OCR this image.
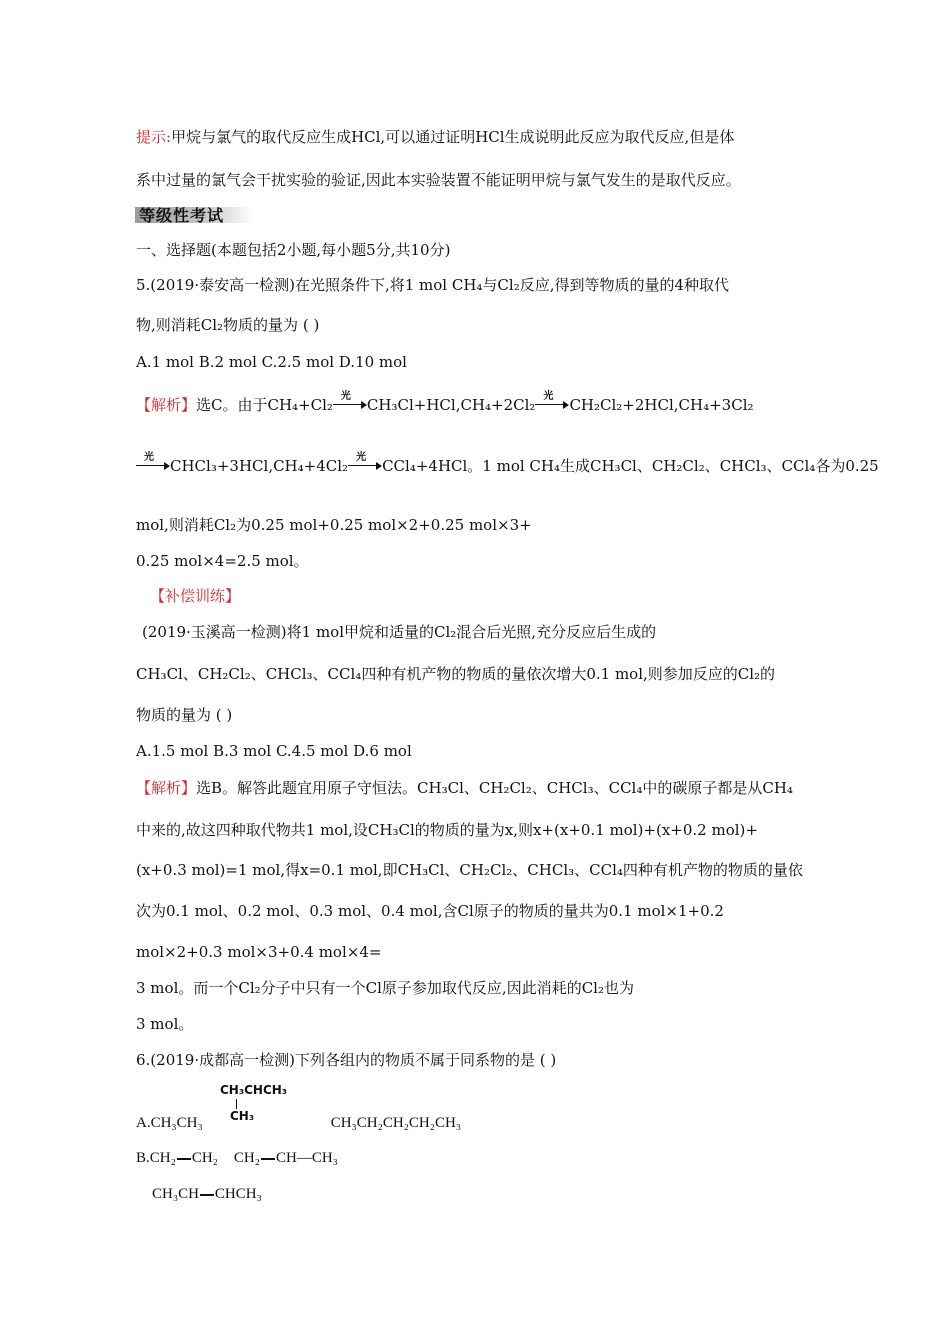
提示:甲烷与氯气的取代反应生成HCl,可以通过证明HCl生成说明此反应为取代反应,但是体
系中过量的氯气会干扰实验的验证,因此本实验装置不能证明甲烷与氯气发生的是取代反应。
等级性考试
一、选择题(本题包括2小题,每小题5分,共10分)
5.(2019·泰安高一检测)在光照条件下,将1 mol CH₄与Cl₂反应,得到等物质的量的4种取代
物,则消耗Cl₂物质的量为 ( )
A.1 mol B.2 mol C.2.5 mol D.10 mol
【解析】选C。由于CH₄+Cl₂ 光 CH₃Cl+HCl,CH₄+2Cl₂ 光 CH₂Cl₂+2HCl,CH₄+3Cl₂
光 CHCl₃+3HCl,CH₄+4Cl₂ 光 CCl₄+4HCl。1 mol CH₄生成CH₃Cl、CH₂Cl₂、CHCl₃、CCl₄各为0.25
mol,则消耗Cl₂为0.25 mol+0.25 mol×2+0.25 mol×3+
0.25 mol×4=2.5 mol。
【补偿训练】
(2019·玉溪高一检测)将1 mol甲烷和适量的Cl₂混合后光照,充分反应后生成的
CH₃Cl、CH₂Cl₂、CHCl₃、CCl₄四种有机产物的物质的量依次增大0.1 mol,则参加反应的Cl₂的
物质的量为 ( )
A.1.5 mol B.3 mol C.4.5 mol D.6 mol
【解析】选B。解答此题宜用原子守恒法。CH₃Cl、CH₂Cl₂、CHCl₃、CCl₄中的碳原子都是从CH₄
中来的,故这四种取代物共1 mol,设CH₃Cl的物质的量为x,则x+(x+0.1 mol)+(x+0.2 mol)+
(x+0.3 mol)=1 mol,得x=0.1 mol,即CH₃Cl、CH₂Cl₂、CHCl₃、CCl₄四种有机产物的物质的量依
次为0.1 mol、0.2 mol、0.3 mol、0.4 mol,含Cl原子的物质的量共为0.1 mol×1+0.2
mol×2+0.3 mol×3+0.4 mol×4=
3 mol。而一个Cl₂分子中只有一个Cl原子参加取代反应,因此消耗的Cl₂也为
3 mol。
6.(2019·成都高一检测)下列各组内的物质不属于同系物的是 ( )
CH₃CHCH₃
CH₃
A.CH₃CH₃	CH₃CH₂CH₂CH₂CH₃
B.CH₂ CH₂ CH₂ CH—CH₃
CH₃CH CHCH₃
